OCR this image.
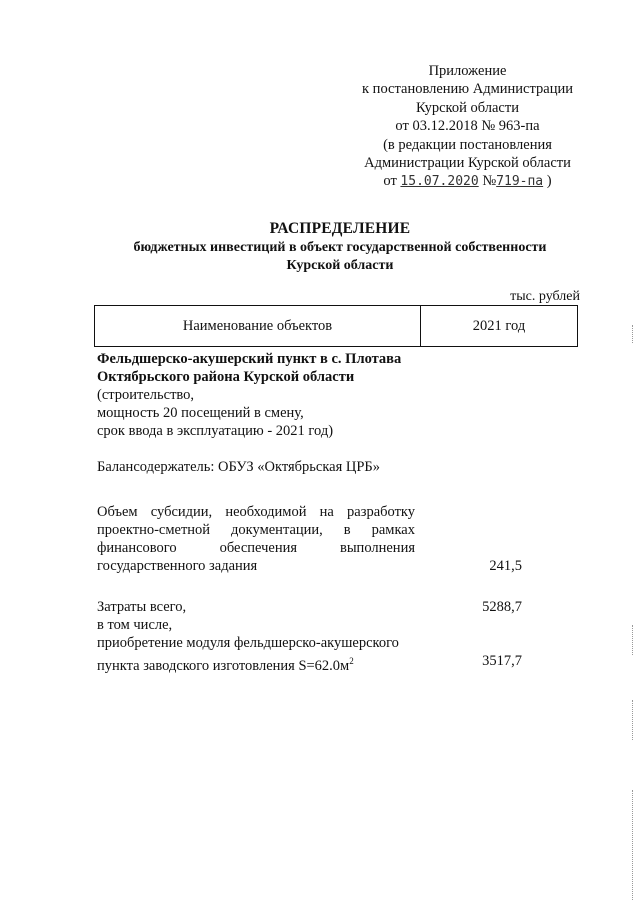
Приложение
к постановлению Администрации
Курской области
от 03.12.2018 № 963-па
(в редакции постановления
Администрации Курской области
от 15.07.2020 №719-па )
РАСПРЕДЕЛЕНИЕ
бюджетных инвестиций в объект государственной собственности
Курской области
тыс. рублей
Наименование объектов	2021 год
Фельдшерско-акушерский пункт в с. Плотава
Октябрьского района Курской области
(строительство,
мощность 20 посещений в смену,
срок ввода в эксплуатацию - 2021 год)
Балансодержатель: ОБУЗ «Октябрьская ЦРБ»
Объем субсидии, необходимой на разработку
проектно-сметной документации, в рамках
финансового обеспечения выполнения
государственного задания	241,5
Затраты всего,	5288,7
в том числе,
приобретение модуля фельдшерско-акушерского
пункта заводского изготовления $S=62.0м^2$	3517,7
